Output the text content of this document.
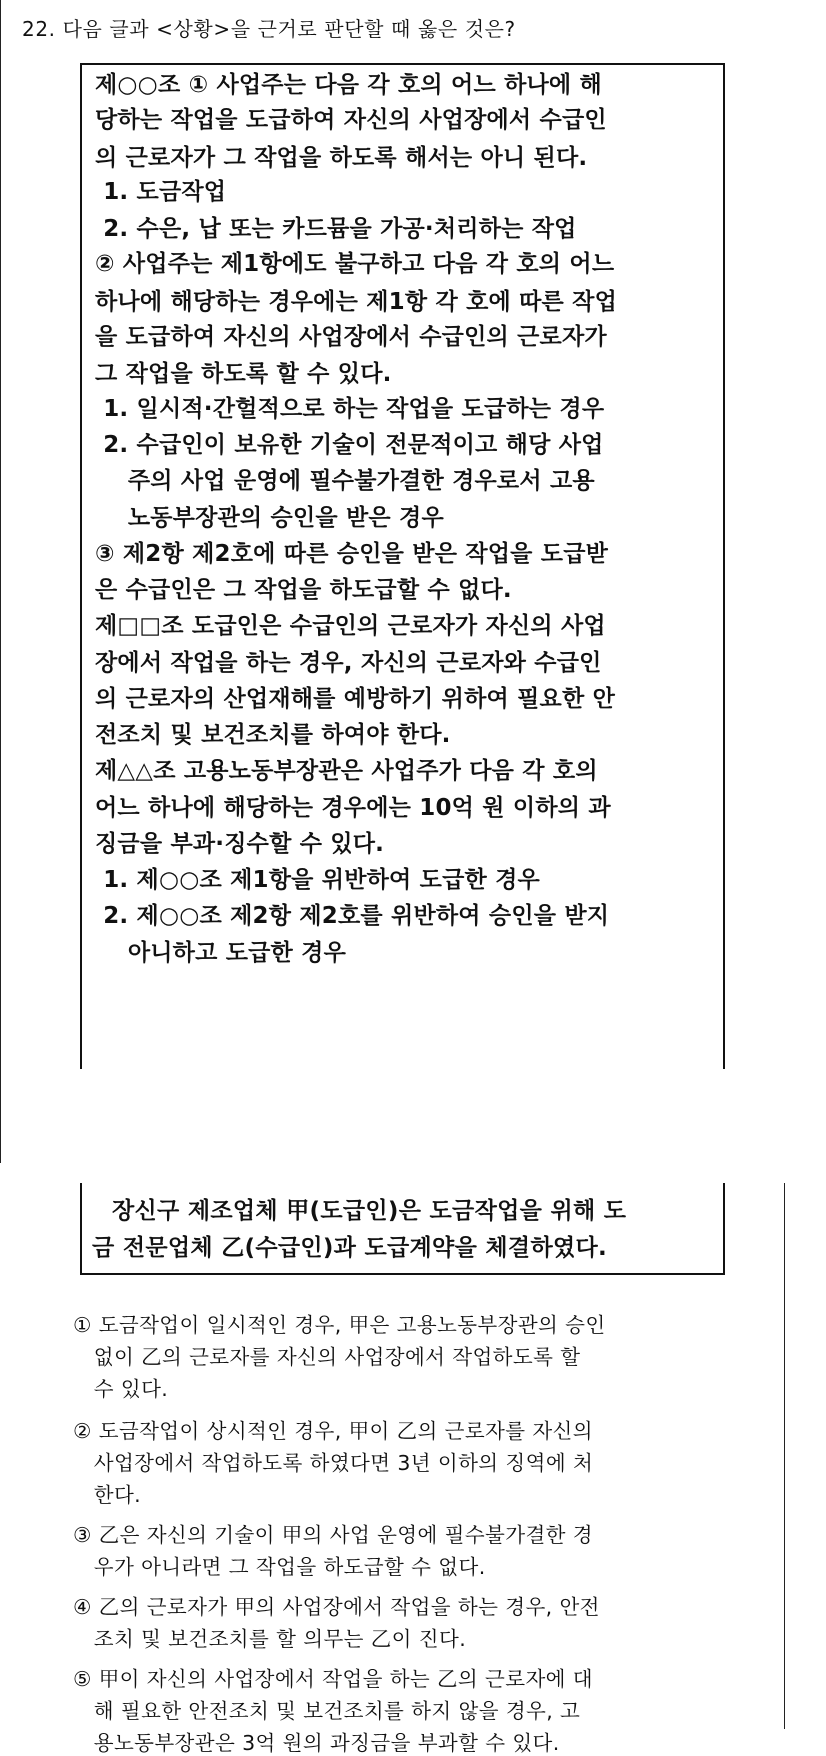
22. 다음 글과 <상황>을 근거로 판단할 때 옳은 것은?
제○○조 ① 사업주는 다음 각 호의 어느 하나에 해
당하는 작업을 도급하여 자신의 사업장에서 수급인
의 근로자가 그 작업을 하도록 해서는 아니 된다.
1. 도금작업
2. 수은, 납 또는 카드뮴을 가공·처리하는 작업
② 사업주는 제1항에도 불구하고 다음 각 호의 어느
하나에 해당하는 경우에는 제1항 각 호에 따른 작업
을 도급하여 자신의 사업장에서 수급인의 근로자가
그 작업을 하도록 할 수 있다.
1. 일시적·간헐적으로 하는 작업을 도급하는 경우
2. 수급인이 보유한 기술이 전문적이고 해당 사업
주의 사업 운영에 필수불가결한 경우로서 고용
노동부장관의 승인을 받은 경우
③ 제2항 제2호에 따른 승인을 받은 작업을 도급받
은 수급인은 그 작업을 하도급할 수 없다.
제□□조 도급인은 수급인의 근로자가 자신의 사업
장에서 작업을 하는 경우, 자신의 근로자와 수급인
의 근로자의 산업재해를 예방하기 위하여 필요한 안
전조치 및 보건조치를 하여야 한다.
제△△조 고용노동부장관은 사업주가 다음 각 호의
어느 하나에 해당하는 경우에는 10억 원 이하의 과
징금을 부과·징수할 수 있다.
1. 제○○조 제1항을 위반하여 도급한 경우
2. 제○○조 제2항 제2호를 위반하여 승인을 받지
아니하고 도급한 경우
장신구 제조업체 甲(도급인)은 도금작업을 위해 도
금 전문업체 乙(수급인)과 도급계약을 체결하였다.
① 도금작업이 일시적인 경우, 甲은 고용노동부장관의 승인
없이 乙의 근로자를 자신의 사업장에서 작업하도록 할
수 있다.
② 도금작업이 상시적인 경우, 甲이 乙의 근로자를 자신의
사업장에서 작업하도록 하였다면 3년 이하의 징역에 처
한다.
③ 乙은 자신의 기술이 甲의 사업 운영에 필수불가결한 경
우가 아니라면 그 작업을 하도급할 수 없다.
④ 乙의 근로자가 甲의 사업장에서 작업을 하는 경우, 안전
조치 및 보건조치를 할 의무는 乙이 진다.
⑤ 甲이 자신의 사업장에서 작업을 하는 乙의 근로자에 대
해 필요한 안전조치 및 보건조치를 하지 않을 경우, 고
용노동부장관은 3억 원의 과징금을 부과할 수 있다.
